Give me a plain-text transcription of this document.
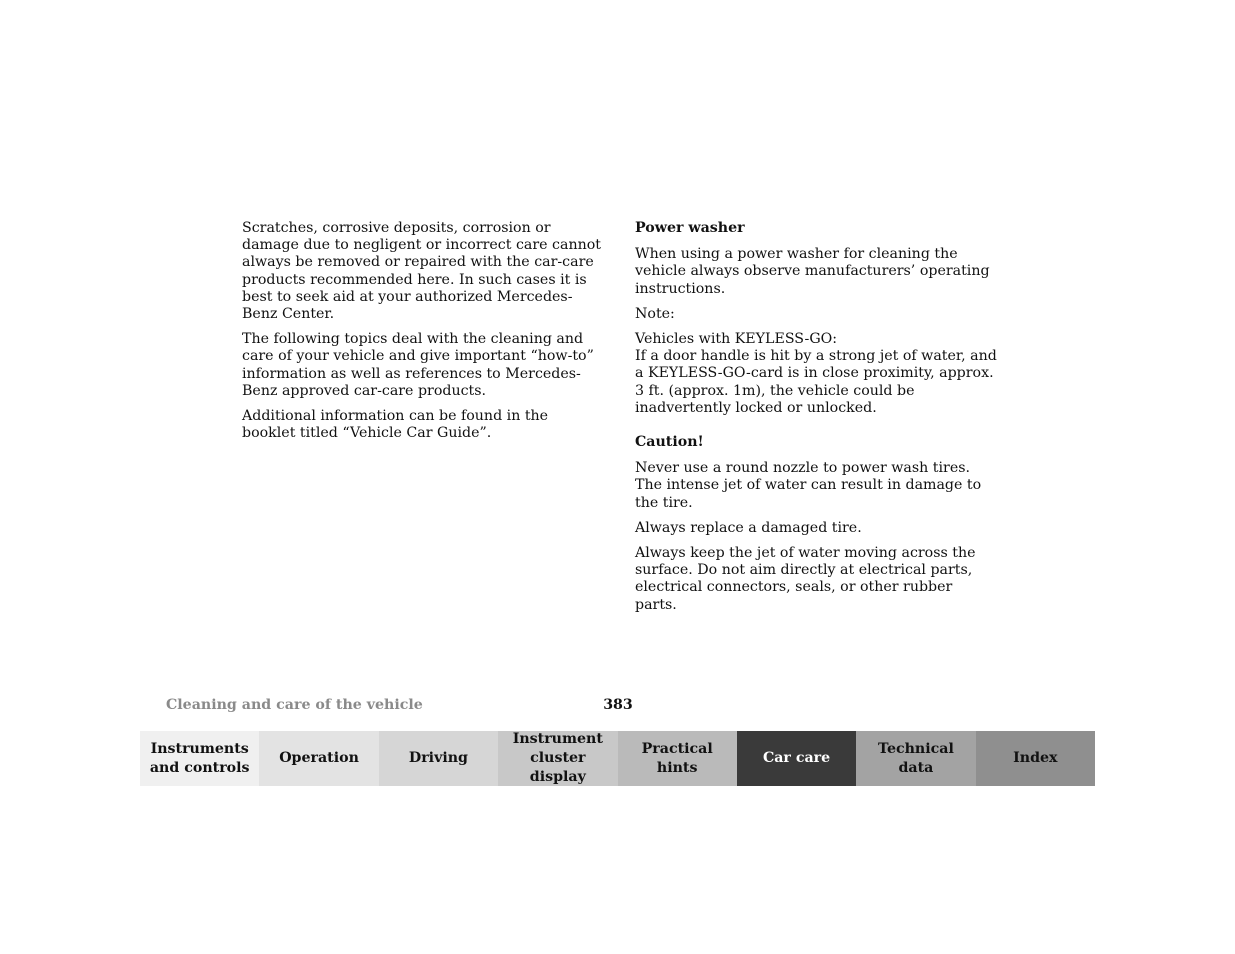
Scratches, corrosive deposits, corrosion or damage due to negligent or incorrect care cannot always be removed or repaired with the car-care products recommended here. In such cases it is best to seek aid at your authorized Mercedes-Benz Center.

The following topics deal with the cleaning and care of your vehicle and give important “how-to” information as well as references to Mercedes-Benz approved car-care products.

Additional information can be found in the booklet titled “Vehicle Car Guide”.

Power washer

When using a power washer for cleaning the vehicle always observe manufacturers’ operating instructions.

Note:

Vehicles with KEYLESS-GO:
If a door handle is hit by a strong jet of water, and a KEYLESS-GO-card is in close proximity, approx. 3 ft. (approx. 1m), the vehicle could be inadvertently locked or unlocked.

Caution!

Never use a round nozzle to power wash tires. The intense jet of water can result in damage to the tire.

Always replace a damaged tire.

Always keep the jet of water moving across the surface. Do not aim directly at electrical parts, electrical connectors, seals, or other rubber parts.

Cleaning and care of the vehicle	383
Instruments
and controls
Operation	Driving
Instrument
cluster display
Practical hints
Car care
Technical
data
Index
